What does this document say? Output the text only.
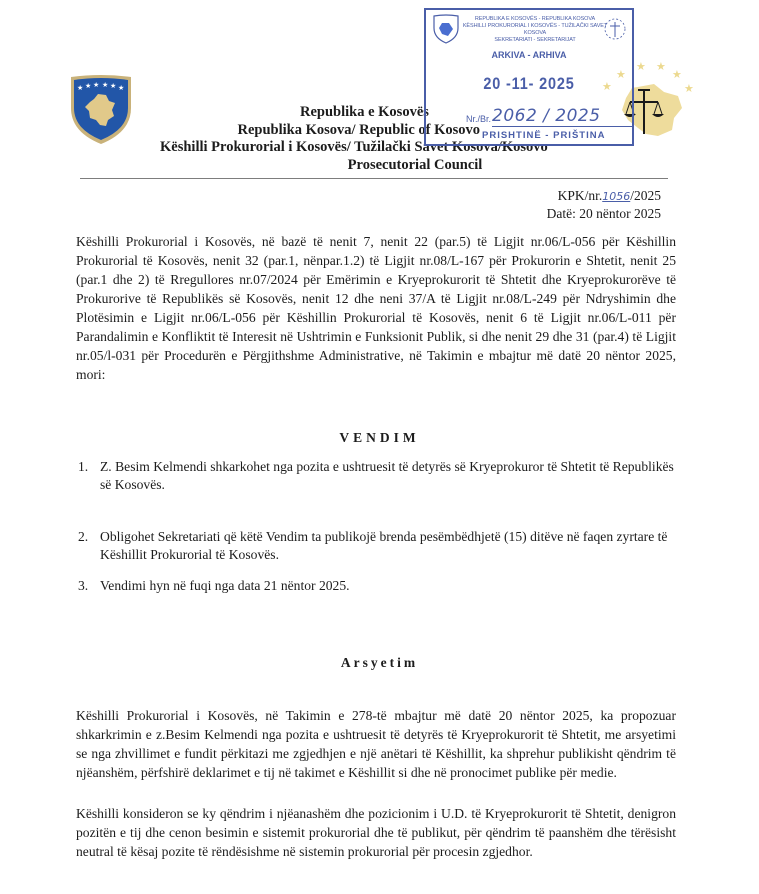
★ ★ ★ ★ ★ ★	★
★
★ ★
★
★
Republika e Kosovës
Republika Kosova/ Republic of Kosovo
Këshilli Prokurorial i Kosovës/ Tužilački Savet Kosova/Kosovo
Prosecutorial Council
REPUBLIKA E KOSOVËS - REPUBLIKA KOSOVA
KËSHILLI PROKURORIAL I KOSOVËS - TUŽILAČKI SAVET KOSOVA
SEKRETARIATI - SEKRETARIJAT
ARKIVA - ARHIVA
20 -11- 2025
Nr./Br. 2062 / 2025
PRISHTINË - PRIŠTINA
KPK/nr.1056/2025
Datë: 20 nëntor 2025

Këshilli Prokurorial i Kosovës, në bazë të nenit 7, nenit 22 (par.5) të Ligjit nr.06/L-056 për Këshillin Prokurorial të Kosovës, nenit 32 (par.1, nënpar.1.2) të Ligjit nr.08/L-167 për Prokurorin e Shtetit, nenit 25 (par.1 dhe 2) të Rregullores nr.07/2024 për Emërimin e Kryeprokurorit të Shtetit dhe Kryeprokurorëve të Prokurorive të Republikës së Kosovës, nenit 12 dhe neni 37/A të Ligjit nr.08/L-249 për Ndryshimin dhe Plotësimin e Ligjit nr.06/L-056 për Këshillin Prokurorial të Kosovës, nenit 6 të Ligjit nr.06/L-011 për Parandalimin e Konfliktit të Interesit në Ushtrimin e Funksionit Publik, si dhe nenit 29 dhe 31 (par.4) të Ligjit nr.05/l-031 për Procedurën e Përgjithshme Administrative, në Takimin e mbajtur më datë 20 nëntor 2025, mori:

VENDIM
1. Z. Besim Kelmendi shkarkohet nga pozita e ushtruesit të detyrës së Kryeprokuror të Shtetit të Republikës së Kosovës.
2. Obligohet Sekretariati që këtë Vendim ta publikojë brenda pesëmbëdhjetë (15) ditëve në faqen zyrtare të Këshillit Prokurorial të Kosovës.
3. Vendimi hyn në fuqi nga data 21 nëntor 2025.
Arsyetim

Këshilli Prokurorial i Kosovës, në Takimin e 278-të mbajtur më datë 20 nëntor 2025, ka propozuar shkarkrimin e z.Besim Kelmendi nga pozita e ushtruesit të detyrës të Kryeprokurorit të Shtetit, me arsyetimi se nga zhvillimet e fundit përkitazi me zgjedhjen e një anëtari të Këshillit, ka shprehur publikisht qëndrim të njëanshëm, përfshirë deklarimet e tij në takimet e Këshillit si dhe në pronocimet publike për medie.

Këshilli konsideron se ky qëndrim i njëanashëm dhe pozicionim i U.D. të Kryeprokurorit të Shtetit, denigron pozitën e tij dhe cenon besimin e sistemit prokurorial dhe të publikut, për qëndrim të paanshëm dhe tërësisht neutral të kësaj pozite të rëndësishme në sistemin prokurorial për procesin zgjedhor.
